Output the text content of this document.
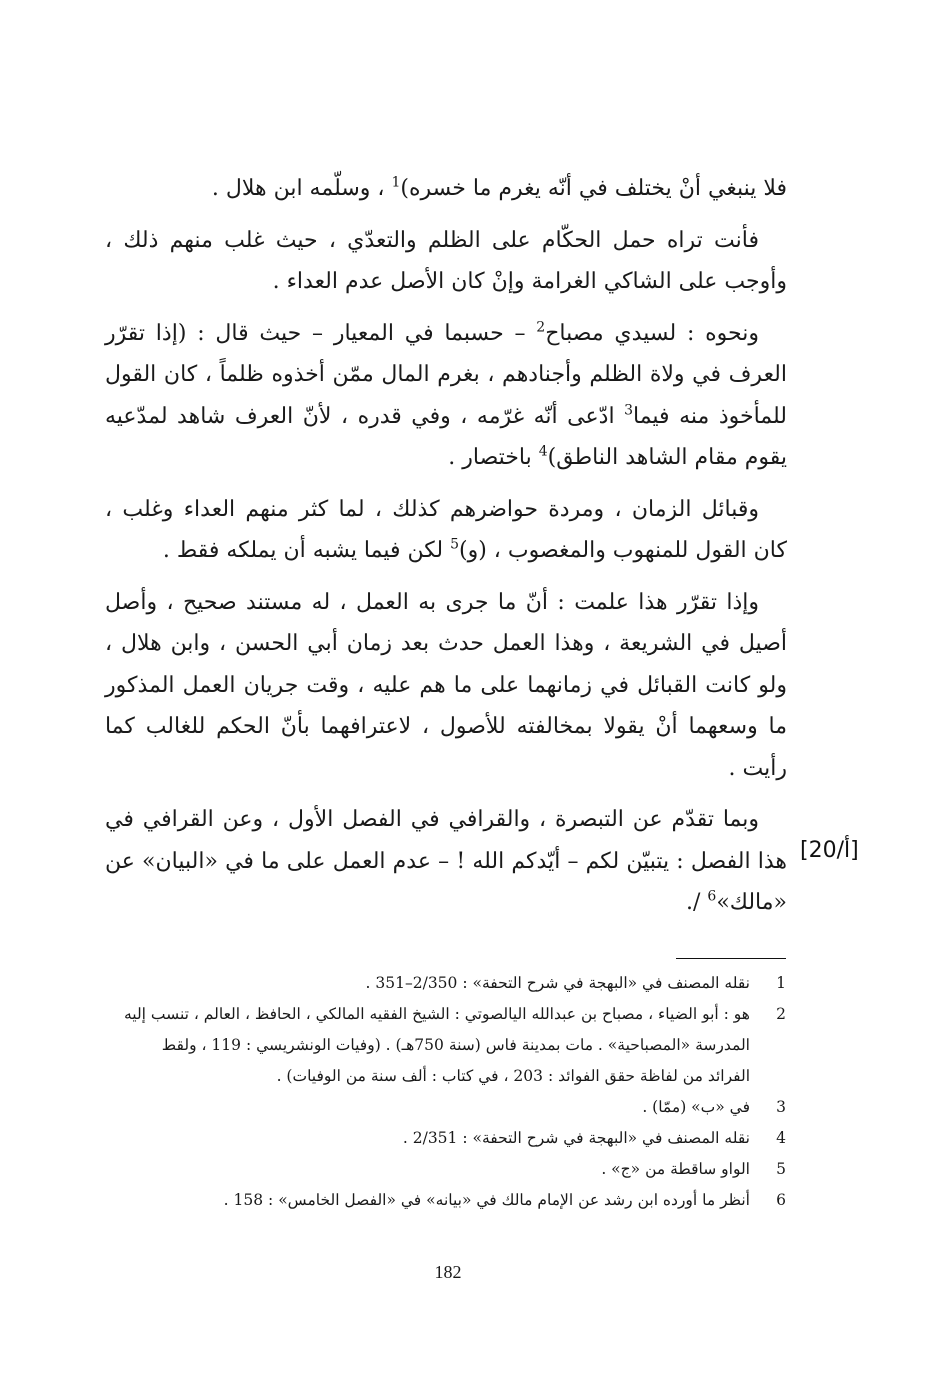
فلا ينبغي أنْ يختلف في أنّه يغرم ما خسره)$^1$ ، وسلّمه ابن هلال .

فأنت تراه حمل الحكّام على الظلم والتعدّي ، حيث غلب منهم ذلك ، وأوجب على الشاكي الغرامة وإنْ كان الأصل عدم العداء .

ونحوه : لسيدي مصباح$^2$ – حسبما في المعيار – حيث قال : (إذا تقرّر العرف في ولاة الظلم وأجنادهم ، بغرم المال ممّن أخذوه ظلماً ، كان القول للمأخوذ منه فيما$^3$ ادّعى أنّه غرّمه ، وفي قدره ، لأنّ العرف شاهد لمدّعيه يقوم مقام الشاهد الناطق)$^4$ باختصار .

وقبائل الزمان ، ومردة حواضرهم كذلك ، لما كثر منهم العداء وغلب ، كان القول للمنهوب والمغصوب ، (و)$^5$ لكن فيما يشبه أن يملكه فقط .

وإذا تقرّر هذا علمت : أنّ ما جرى به العمل ، له مستند صحيح ، وأصل أصيل في الشريعة ، وهذا العمل حدث بعد زمان أبي الحسن ، وابن هلال ، ولو كانت القبائل في زمانهما على ما هم عليه ، وقت جريان العمل المذكور ما وسعهما أنْ يقولا بمخالفته للأصول ، لاعترافهما بأنّ الحكم للغالب كما رأيت .

وبما تقدّم عن التبصرة ، والقرافي في الفصل الأول ، وعن القرافي في هذا الفصل : يتبيّن لكم – أيّدكم الله ! – عدم العمل على ما في «البيان» عن «مالك»$^6$ /.

[20/أ]
1
نقله المصنف في «البهجة في شرح التحفة» : 2/350–351 .
2
هو : أبو الضياء ، مصباح بن عبدالله اليالصوتي : الشيخ الفقيه المالكي ، الحافظ ، العالم ، تنسب إليه المدرسة «المصباحية» . مات بمدينة فاس (سنة 750هـ) . (وفيات الونشريسي : 119 ، ولقط الفرائد من لفاظة حقق الفوائد : 203 ، في كتاب : ألف سنة من الوفيات) .
3
في «ب» (ممّا) .
4
نقله المصنف في «البهجة في شرح التحفة» : 2/351 .
5
الواو ساقطة من «ج» .
6
أنظر ما أورده ابن رشد عن الإمام مالك في «بيانه» في «الفصل الخامس» : 158 .
182
